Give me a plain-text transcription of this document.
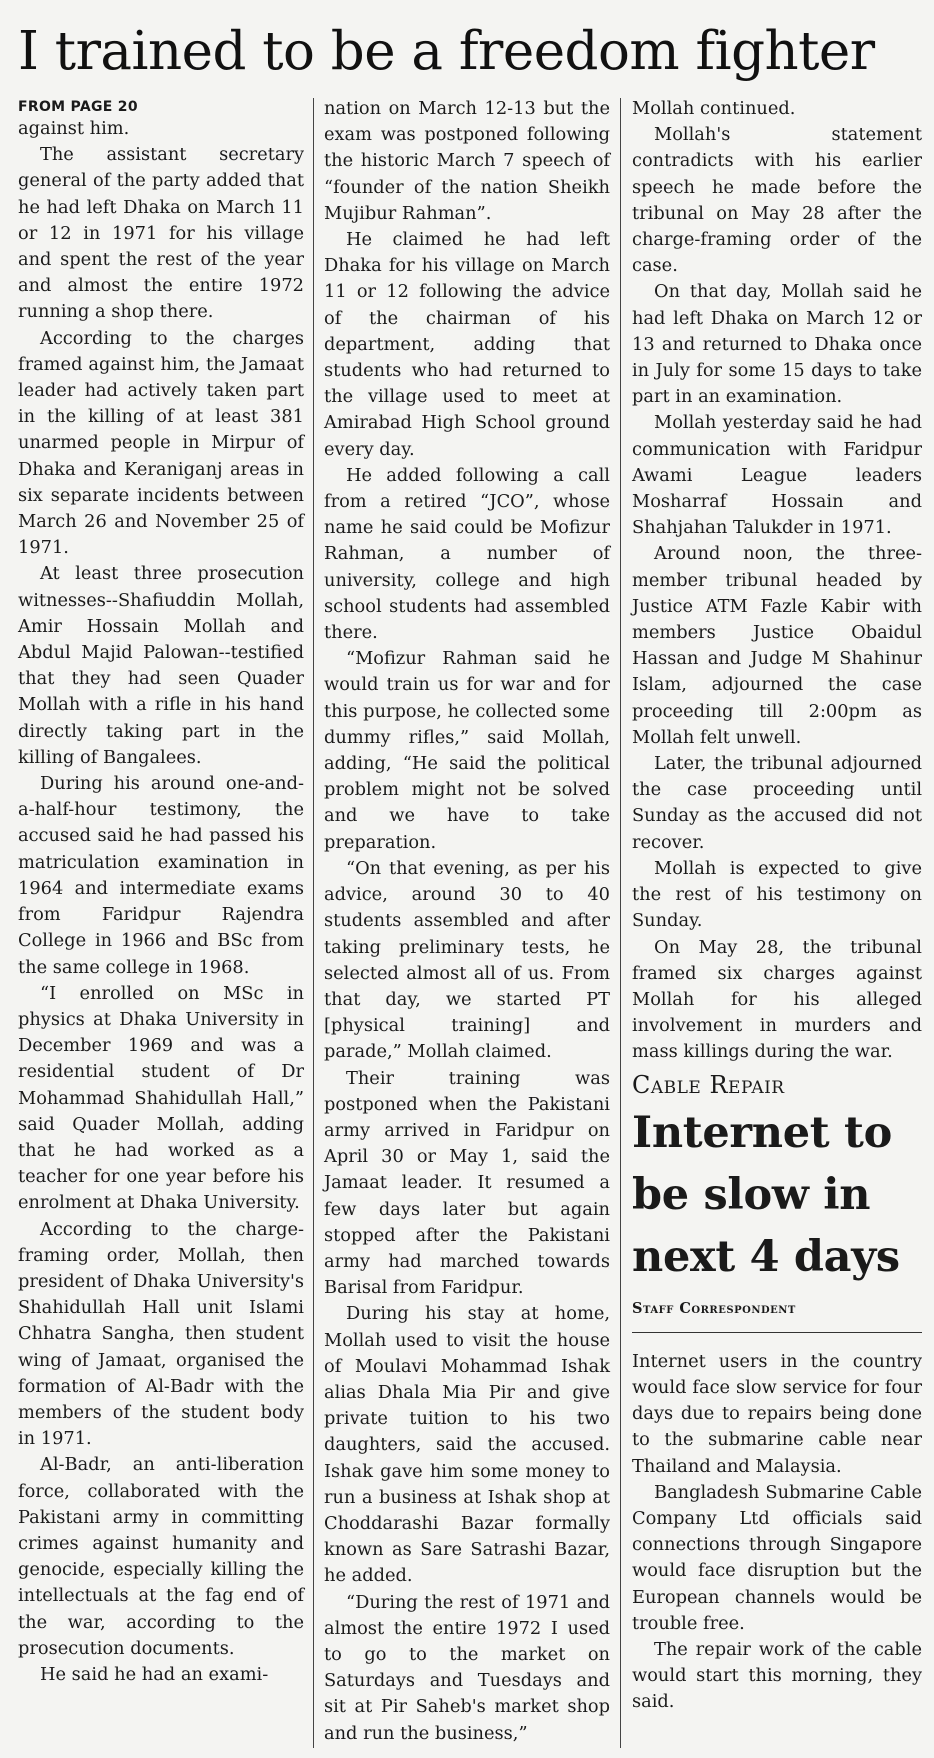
I trained to be a freedom fighter

FROM PAGE 20

against him.

The assistant secretary general of the party added that he had left Dhaka on March 11 or 12 in 1971 for his village and spent the rest of the year and almost the entire 1972 running a shop there.

According to the charges framed against him, the Jamaat leader had actively taken part in the killing of at least 381 unarmed people in Mirpur of Dhaka and Keraniganj areas in six separate incidents between March 26 and November 25 of 1971.

At least three prosecution witnesses--Shafiuddin Mollah, Amir Hossain Mollah and Abdul Majid Palowan--testified that they had seen Quader Mollah with a rifle in his hand directly taking part in the killing of Bangalees.

During his around one-and-a-half-hour testimony, the accused said he had passed his matriculation examination in 1964 and intermediate exams from Faridpur Rajendra College in 1966 and BSc from the same college in 1968.

“I enrolled on MSc in physics at Dhaka University in December 1969 and was a residential student of Dr Mohammad Shahidullah Hall,” said Quader Mollah, adding that he had worked as a teacher for one year before his enrolment at Dhaka University.

According to the charge-framing order, Mollah, then president of Dhaka University's Shahidullah Hall unit Islami Chhatra Sangha, then student wing of Jamaat, organised the formation of Al-Badr with the members of the student body in 1971.

Al-Badr, an anti-liberation force, collaborated with the Pakistani army in committing crimes against humanity and genocide, especially killing the intellectuals at the fag end of the war, according to the prosecution documents.

He said he had an exami-

nation on March 12-13 but the exam was postponed following the historic March 7 speech of “founder of the nation Sheikh Mujibur Rahman”.

He claimed he had left Dhaka for his village on March 11 or 12 following the advice of the chairman of his department, adding that students who had returned to the village used to meet at Amirabad High School ground every day.

He added following a call from a retired “JCO”, whose name he said could be Mofizur Rahman, a number of university, college and high school students had assembled there.

“Mofizur Rahman said he would train us for war and for this purpose, he collected some dummy rifles,” said Mollah, adding, “He said the political problem might not be solved and we have to take preparation.

“On that evening, as per his advice, around 30 to 40 students assembled and after taking preliminary tests, he selected almost all of us. From that day, we started PT [physical training] and parade,” Mollah claimed.

Their training was postponed when the Pakistani army arrived in Faridpur on April 30 or May 1, said the Jamaat leader. It resumed a few days later but again stopped after the Pakistani army had marched towards Barisal from Faridpur.

During his stay at home, Mollah used to visit the house of Moulavi Mohammad Ishak alias Dhala Mia Pir and give private tuition to his two daughters, said the accused. Ishak gave him some money to run a business at Ishak shop at Choddarashi Bazar formally known as Sare Satrashi Bazar, he added.

“During the rest of 1971 and almost the entire 1972 I used to go to the market on Saturdays and Tuesdays and sit at Pir Saheb's market shop and run the business,”

Mollah continued.

Mollah's statement contradicts with his earlier speech he made before the tribunal on May 28 after the charge-framing order of the case.

On that day, Mollah said he had left Dhaka on March 12 or 13 and returned to Dhaka once in July for some 15 days to take part in an examination.

Mollah yesterday said he had communication with Faridpur Awami League leaders Mosharraf Hossain and Shahjahan Talukder in 1971.

Around noon, the three-member tribunal headed by Justice ATM Fazle Kabir with members Justice Obaidul Hassan and Judge M Shahinur Islam, adjourned the case proceeding till 2:00pm as Mollah felt unwell.

Later, the tribunal adjourned the case proceeding until Sunday as the accused did not recover.

Mollah is expected to give the rest of his testimony on Sunday.

On May 28, the tribunal framed six charges against Mollah for his alleged involvement in murders and mass killings during the war.

Cable Repair
Internet to be slow in next 4 days
Staff Correspondent

Internet users in the country would face slow service for four days due to repairs being done to the submarine cable near Thailand and Malaysia.

Bangladesh Submarine Cable Company Ltd officials said connections through Singapore would face disruption but the European channels would be trouble free.

The repair work of the cable would start this morning, they said.
